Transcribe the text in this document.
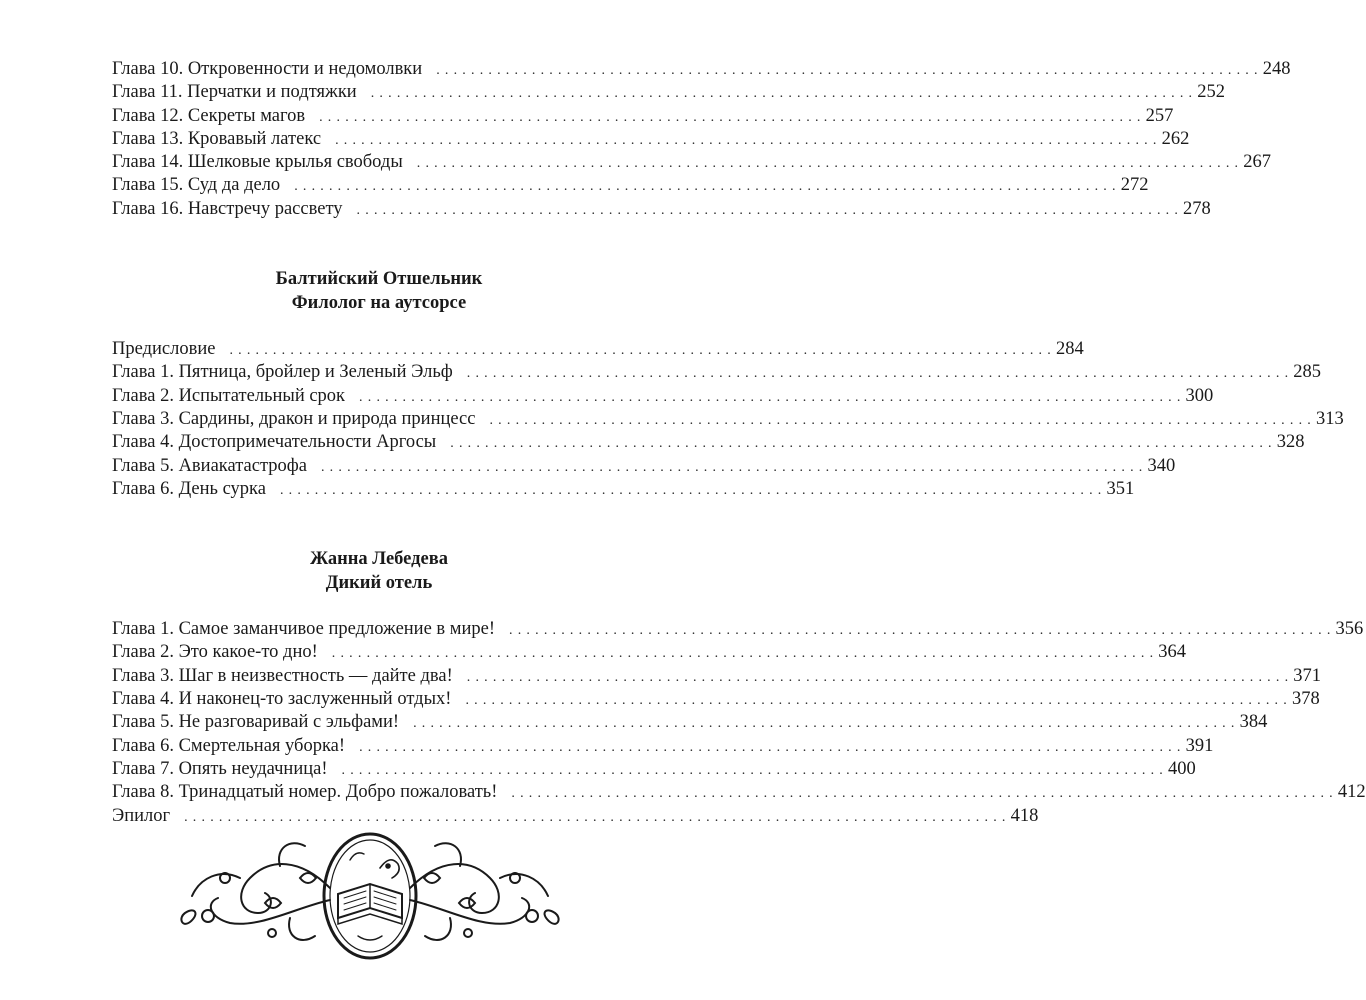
Глава 10. Откровенности и недомолвки	............................................................................................... 248
Глава 11. Перчатки и подтяжки	............................................................................................... 252
Глава 12. Секреты магов	............................................................................................... 257
Глава 13. Кровавый латекс	............................................................................................... 262
Глава 14. Шелковые крылья свободы	............................................................................................... 267
Глава 15. Суд да дело	............................................................................................... 272
Глава 16. Навстречу рассвету	............................................................................................... 278
Балтийский Отшельник
Филолог на аутсорсе
Предисловие	............................................................................................... 284
Глава 1. Пятница, бройлер и Зеленый Эльф	............................................................................................... 285
Глава 2. Испытательный срок	............................................................................................... 300
Глава 3. Сардины, дракон и природа принцесс	............................................................................................... 313
Глава 4. Достопримечательности Аргосы	............................................................................................... 328
Глава 5. Авиакатастрофа	............................................................................................... 340
Глава 6. День сурка	............................................................................................... 351
Жанна Лебедева
Дикий отель
Глава 1. Самое заманчивое предложение в мире!	............................................................................................... 356
Глава 2. Это какое-то дно!	............................................................................................... 364
Глава 3. Шаг в неизвестность — дайте два!	............................................................................................... 371
Глава 4. И наконец-то заслуженный отдых!	............................................................................................... 378
Глава 5. Не разговаривай с эльфами!	............................................................................................... 384
Глава 6. Смертельная уборка!	............................................................................................... 391
Глава 7. Опять неудачница!	............................................................................................... 400
Глава 8. Тринадцатый номер. Добро пожаловать!	............................................................................................... 412
Эпилог	............................................................................................... 418
